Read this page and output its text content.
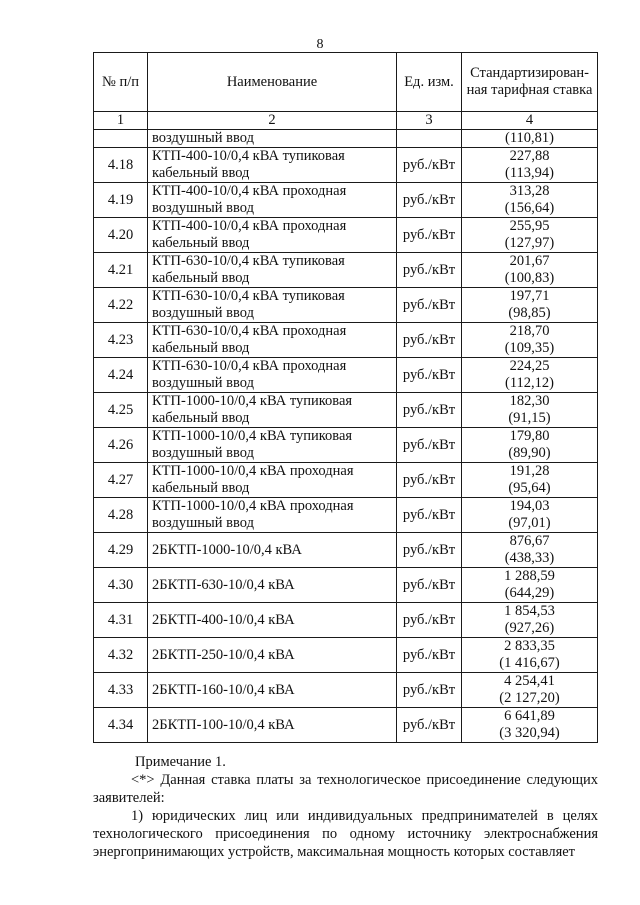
8
№ п/п	Наименование	Ед. изм.	Стандартизирован-ная тарифная ставка
1	2	3	4
	воздушный ввод		(110,81)
4.18	КТП-400-10/0,4 кВА тупиковая кабельный ввод	руб./кВт	227,88
(113,94)

4.19	КТП-400-10/0,4 кВА проходная воздушный ввод	руб./кВт	313,28
(156,64)

4.20	КТП-400-10/0,4 кВА проходная кабельный ввод	руб./кВт	255,95
(127,97)

4.21	КТП-630-10/0,4 кВА тупиковая кабельный ввод	руб./кВт	201,67
(100,83)

4.22	КТП-630-10/0,4 кВА тупиковая воздушный ввод	руб./кВт	197,71
(98,85)

4.23	КТП-630-10/0,4 кВА проходная кабельный ввод	руб./кВт	218,70
(109,35)

4.24	КТП-630-10/0,4 кВА проходная воздушный ввод	руб./кВт	224,25
(112,12)

4.25	КТП-1000-10/0,4 кВА тупиковая кабельный ввод	руб./кВт	182,30
(91,15)

4.26	КТП-1000-10/0,4 кВА тупиковая воздушный ввод	руб./кВт	179,80
(89,90)

4.27	КТП-1000-10/0,4 кВА проходная кабельный ввод	руб./кВт	191,28
(95,64)

4.28	КТП-1000-10/0,4 кВА проходная воздушный ввод	руб./кВт	194,03
(97,01)

4.29	2БКТП-1000-10/0,4 кВА	руб./кВт	876,67
(438,33)

4.30	2БКТП-630-10/0,4 кВА	руб./кВт	1 288,59
(644,29)

4.31	2БКТП-400-10/0,4 кВА	руб./кВт	1 854,53
(927,26)

4.32	2БКТП-250-10/0,4 кВА	руб./кВт	2 833,35
(1 416,67)

4.33	2БКТП-160-10/0,4 кВА	руб./кВт	4 254,41
(2 127,20)

4.34	2БКТП-100-10/0,4 кВА	руб./кВт	6 641,89
(3 320,94)

Примечание 1.

<*> Данная ставка платы за технологическое присоединение следующих заявителей:

1) юридических лиц или индивидуальных предпринимателей в целях технологического присоединения по одному источнику электроснабжения энергопринимающих устройств, максимальная мощность которых составляет
